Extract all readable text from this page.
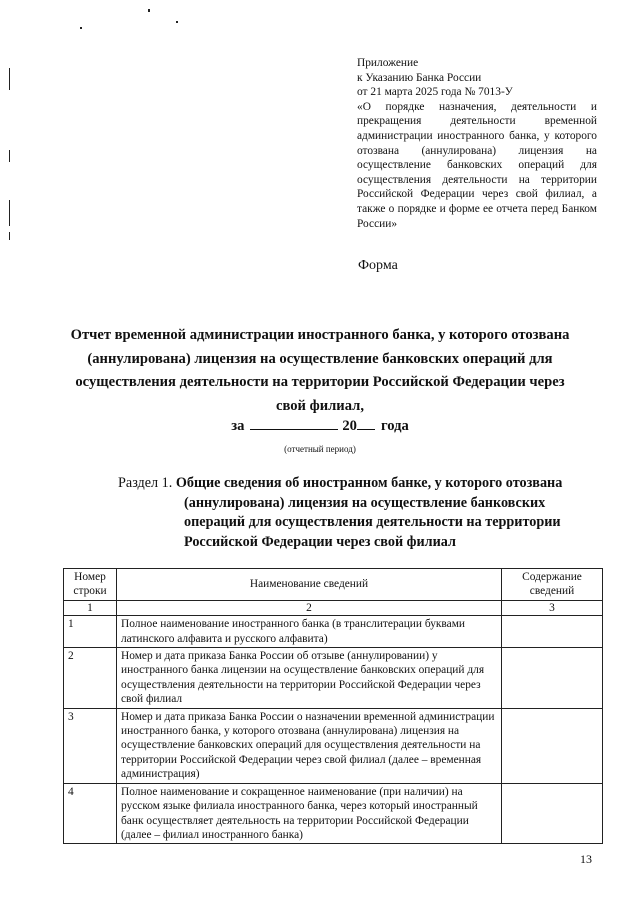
Приложение
к Указанию Банка России
от 21 марта 2025 года № 7013-У
«О порядке назначения, деятельности и прекращения деятельности временной администрации иностранного банка, у которого отозвана (аннулирована) лицензия на осуществление банковских операций для осуществления деятельности на территории Российской Федерации через свой филиал, а также о порядке и форме ее отчета перед Банком России»
Форма
Отчет временной администрации иностранного банка, у которого отозвана (аннулирована) лицензия на осуществление банковских операций для осуществления деятельности на территории Российской Федерации через свой филиал,
за	20 года
(отчетный период)
Раздел 1. Общие сведения об иностранном банке, у которого отозвана
(аннулирована) лицензия на осуществление банковских операций для осуществления деятельности на территории Российской Федерации через свой филиал
Номер строки	Наименование сведений	Содержание сведений
1	2	3
1	Полное наименование иностранного банка (в транслитерации буквами латинского алфавита и русского алфавита)	
2	Номер и дата приказа Банка России об отзыве (аннулировании) у иностранного банка лицензии на осуществление банковских операций для осуществления деятельности на территории Российской Федерации через свой филиал	
3	Номер и дата приказа Банка России о назначении временной администрации иностранного банка, у которого отозвана (аннулирована) лицензия на осуществление банковских операций для осуществления деятельности на территории Российской Федерации через свой филиал (далее – временная администрация)	
4	Полное наименование и сокращенное наименование (при наличии) на русском языке филиала иностранного банка, через который иностранный банк осуществляет деятельность на территории Российской Федерации (далее – филиал иностранного банка)	
13
